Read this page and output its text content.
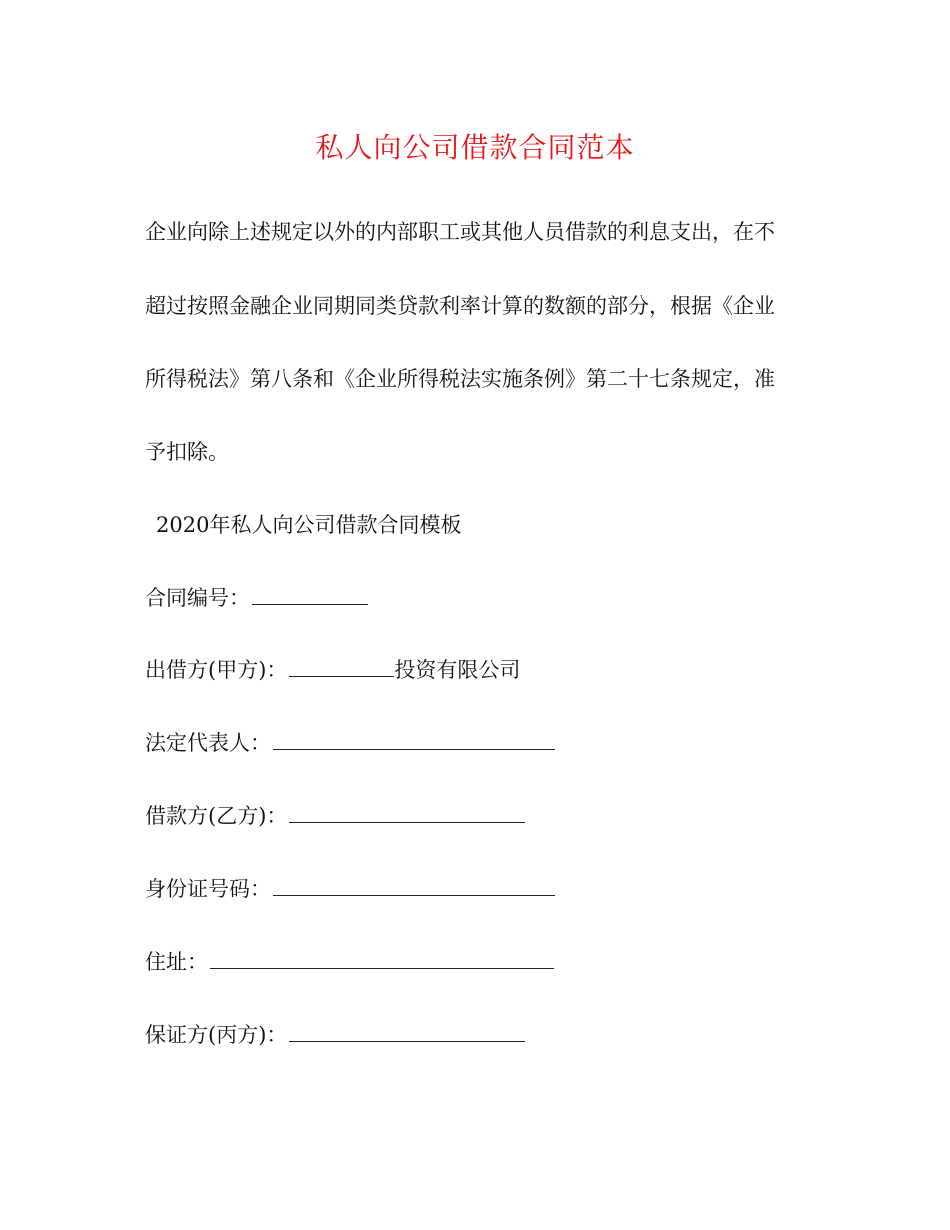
私人向公司借款合同范本
企业向除上述规定以外的内部职工或其他人员借款的利息支出，在不
超过按照金融企业同期同类贷款利率计算的数额的部分，根据《企业
所得税法》第八条和《企业所得税法实施条例》第二十七条规定，准
予扣除。
2020年私人向公司借款合同模板
合同编号：
出借方(甲方)：	投资有限公司
法定代表人：
借款方(乙方)：
身份证号码：
住址：
保证方(丙方)：
